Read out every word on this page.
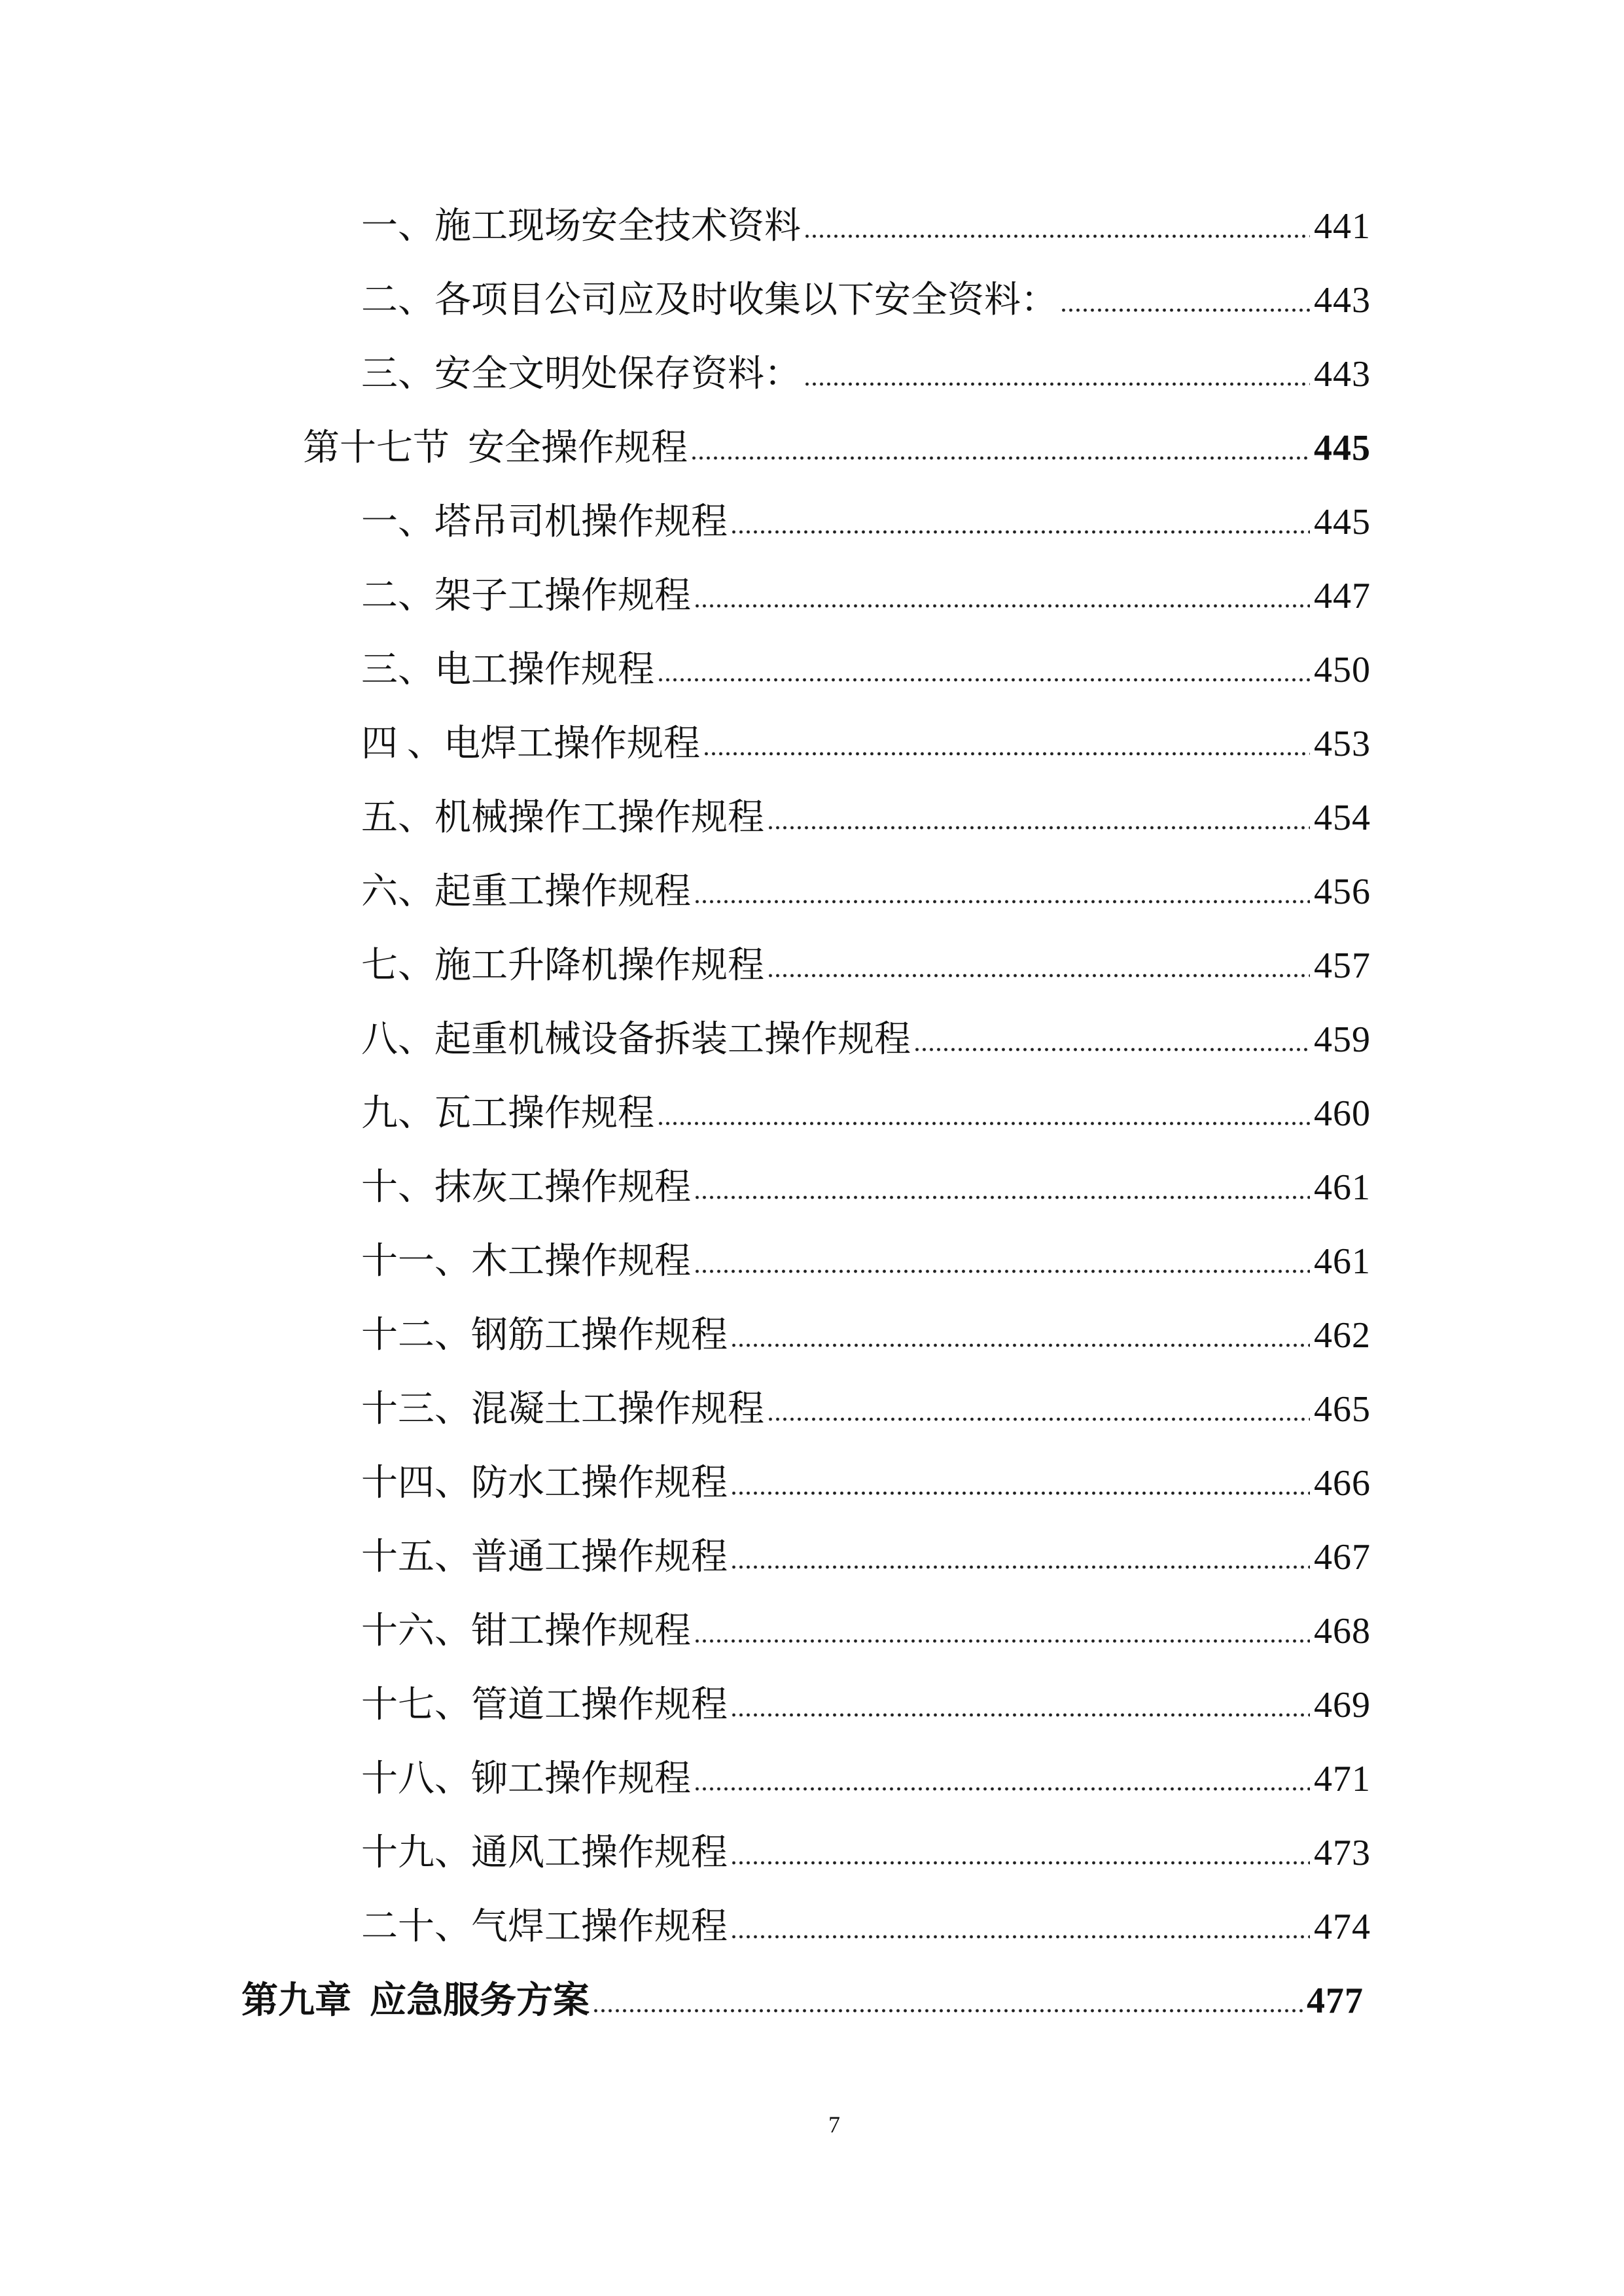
一、施工现场安全技术资料	441
二、各项目公司应及时收集以下安全资料：	443
三、安全文明处保存资料：	443
第十七节  安全操作规程	445
一、塔吊司机操作规程	445
二、架子工操作规程	447
三、电工操作规程	450
四 、电焊工操作规程	453
五、机械操作工操作规程	454
六、起重工操作规程	456
七、施工升降机操作规程	457
八、起重机械设备拆装工操作规程	459
九、瓦工操作规程	460
十、抹灰工操作规程	461
十一、木工操作规程	461
十二、钢筋工操作规程	462
十三、混凝土工操作规程	465
十四、防水工操作规程	466
十五、普通工操作规程	467
十六、钳工操作规程	468
十七、管道工操作规程	469
十八、铆工操作规程	471
十九、通风工操作规程	473
二十、气焊工操作规程	474
第九章  应急服务方案	477
7
